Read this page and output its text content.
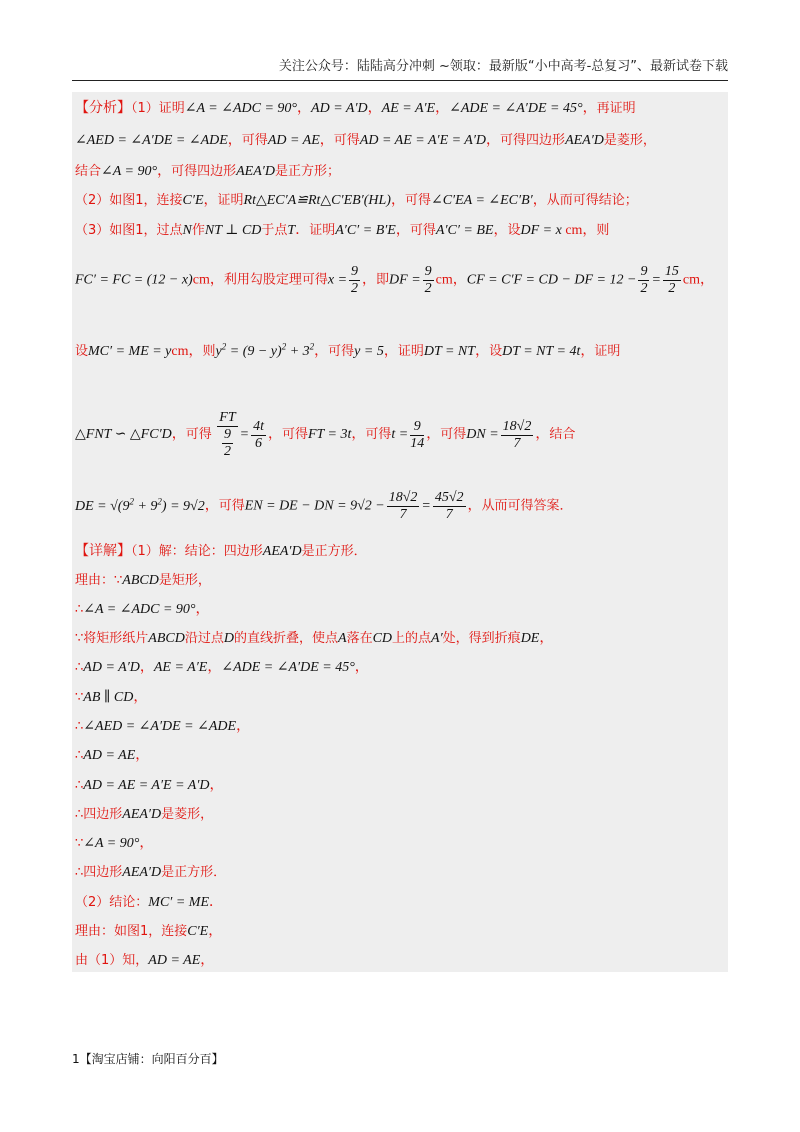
关注公众号：陆陆高分冲刺 ~领取：最新版“小中高考-总复习”、最新试卷下载
【分析】（1）证明∠A = ∠ADC = 90°，AD = A′D，AE = A′E，∠ADE = ∠A′DE = 45°，再证明
∠AED = ∠A′DE = ∠ADE，可得AD = AE，可得AD = AE = A′E = A′D，可得四边形AEA′D是菱形，
结合∠A = 90°，可得四边形AEA′D是正方形；
（2）如图1，连接C′E，证明Rt△EC′A≌Rt△C′EB′(HL)，可得∠C′EA = ∠EC′B′，从而可得结论；
（3）如图1，过点N作NT ⊥ CD于点T．证明A′C′ = B′E，可得A′C′ = BE，设DF = x cm，则
FC′ = FC = (12 − x)cm，利用勾股定理可得$x = \frac{9}{2}$ ，即DF = $\frac{9}{2}$ cm，CF = C′F = CD − DF = $12 - \frac{9}{2} = \frac{15}{2}$ cm，
设MC′ = ME = ycm，则$y^2 = (9 - y)^2 + 3^2$，可得y = 5，证明DT = NT，设DT = NT = 4t，证明
△FNT ∽ △FC′D，可得 $\frac{FT}{\frac{9}{2}} = \frac{4t}{6}$ ，可得FT = 3t，可得$t = \frac{9}{14}$ ，可得DN = $\frac{18√2}{7}$ ，结合
DE = $√(9^2 + 9^2) = 9√2$，可得EN = DE − DN = $9√2 - \frac{18√2}{7} = \frac{45√2}{7}$ ，从而可得答案．
【详解】（1）解：结论：四边形AEA′D是正方形．
理由：∵ABCD是矩形，
∴∠A = ∠ADC = 90°，
∵将矩形纸片ABCD沿过点D的直线折叠，使点A落在CD上的点A′处，得到折痕DE，
∴AD = A′D，AE = A′E，∠ADE = ∠A′DE = 45°，
∵AB ∥ CD，
∴∠AED = ∠A′DE = ∠ADE，
∴AD = AE，
∴AD = AE = A′E = A′D，
∴四边形AEA′D是菱形，
∵∠A = 90°，
∴四边形AEA′D是正方形．
（2）结论：MC′ = ME．
理由：如图1，连接C′E，
由（1）知，AD = AE，
1【淘宝店铺：向阳百分百】
